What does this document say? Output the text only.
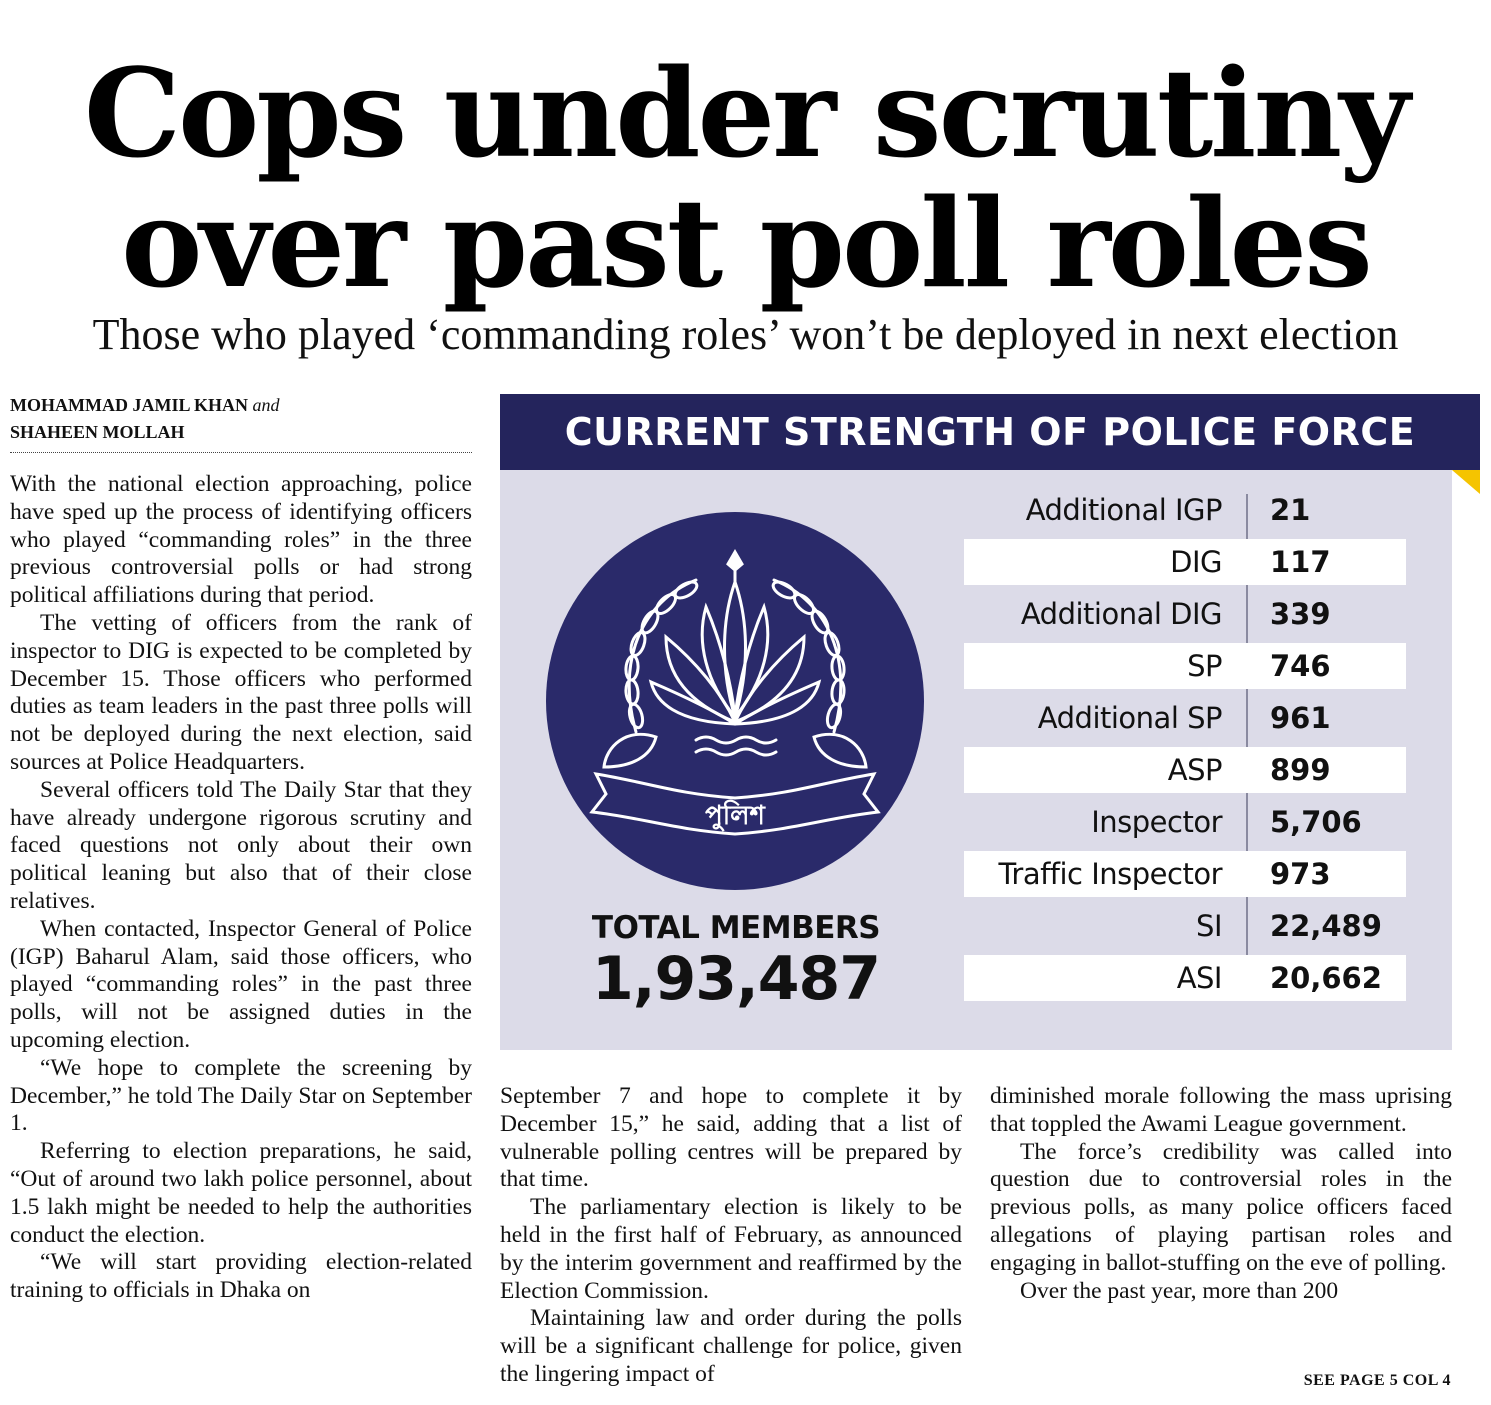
Cops under scrutiny
over past poll roles
Those who played ‘commanding roles’ won’t be deployed in next election
MOHAMMAD JAMIL KHAN and
SHAHEEN MOLLAH

With the national election approaching, police have sped up the process of identifying officers who played “commanding roles” in the three previous controversial polls or had strong political affiliations during that period.

The vetting of officers from the rank of inspector to DIG is expected to be completed by December 15. Those officers who performed duties as team leaders in the past three polls will not be deployed during the next election, said sources at Police Headquarters.

Several officers told The Daily Star that they have already undergone rigorous scrutiny and faced questions not only about their own political leaning but also that of their close relatives.

When contacted, Inspector General of Police (IGP) Baharul Alam, said those officers, who played “commanding roles” in the past three polls, will not be assigned duties in the upcoming election.

“We hope to complete the screening by December,” he told The Daily Star on September 1.

Referring to election preparations, he said, “Out of around two lakh police personnel, about 1.5 lakh might be needed to help the authorities conduct the election.

“We will start providing election-related training to officials in Dhaka on

September 7 and hope to complete it by December 15,” he said, adding that a list of vulnerable polling centres will be prepared by that time.

The parliamentary election is likely to be held in the first half of February, as announced by the interim government and reaffirmed by the Election Commission.

Maintaining law and order during the polls will be a significant challenge for police, given the lingering impact of

diminished morale following the mass uprising that toppled the Awami League government.

The force’s credibility was called into question due to controversial roles in the previous polls, as many police officers faced allegations of playing partisan roles and engaging in ballot-stuffing on the eve of polling.

Over the past year, more than 200

SEE PAGE 5 COL 4
CURRENT STRENGTH OF POLICE FORCE
পুলিশ
TOTAL MEMBERS
1,93,487
Additional IGP 21
DIG 117
Additional DIG 339
SP 746
Additional SP 961
ASP 899
Inspector 5,706
Traffic Inspector 973
SI 22,489
ASI 20,662
